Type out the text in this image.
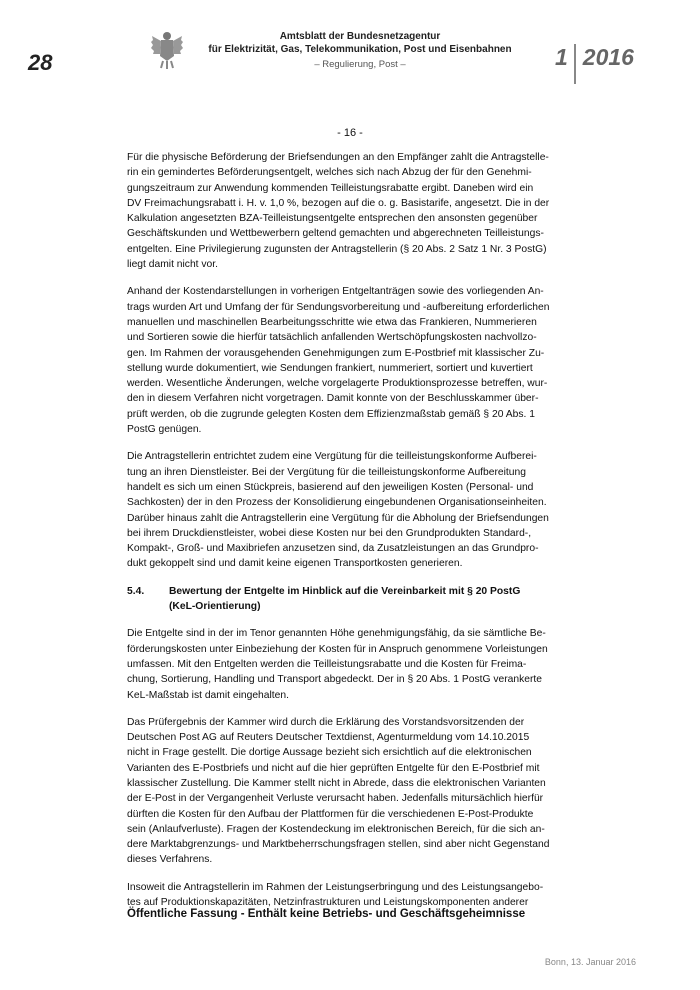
28
Amtsblatt der Bundesnetzagentur
für Elektrizität, Gas, Telekommunikation, Post und Eisenbahnen
– Regulierung, Post –	1 2016
- 16 -

Für die physische Beförderung der Briefsendungen an den Empfänger zahlt die Antragstelle-
rin ein gemindertes Beförderungsentgelt, welches sich nach Abzug der für den Genehmi-
gungszeitraum zur Anwendung kommenden Teilleistungsrabatte ergibt. Daneben wird ein
DV Freimachungsrabatt i. H. v. 1,0 %, bezogen auf die o. g. Basistarife, angesetzt. Die in der
Kalkulation angesetzten BZA-Teilleistungsentgelte entsprechen den ansonsten gegenüber
Geschäftskunden und Wettbewerbern geltend gemachten und abgerechneten Teilleistungs-
entgelten. Eine Privilegierung zugunsten der Antragstellerin (§ 20 Abs. 2 Satz 1 Nr. 3 PostG)
liegt damit nicht vor.

Anhand der Kostendarstellungen in vorherigen Entgeltanträgen sowie des vorliegenden An-
trags wurden Art und Umfang der für Sendungsvorbereitung und -aufbereitung erforderlichen
manuellen und maschinellen Bearbeitungsschritte wie etwa das Frankieren, Nummerieren
und Sortieren sowie die hierfür tatsächlich anfallenden Wertschöpfungskosten nachvollzo-
gen. Im Rahmen der vorausgehenden Genehmigungen zum E-Postbrief mit klassischer Zu-
stellung wurde dokumentiert, wie Sendungen frankiert, nummeriert, sortiert und kuvertiert
werden. Wesentliche Änderungen, welche vorgelagerte Produktionsprozesse betreffen, wur-
den in diesem Verfahren nicht vorgetragen. Damit konnte von der Beschlusskammer über-
prüft werden, ob die zugrunde gelegten Kosten dem Effizienzmaßstab gemäß § 20 Abs. 1
PostG genügen.

Die Antragstellerin entrichtet zudem eine Vergütung für die teilleistungskonforme Aufberei-
tung an ihren Dienstleister. Bei der Vergütung für die teilleistungskonforme Aufbereitung
handelt es sich um einen Stückpreis, basierend auf den jeweiligen Kosten (Personal- und
Sachkosten) der in den Prozess der Konsolidierung eingebundenen Organisationseinheiten.
Darüber hinaus zahlt die Antragstellerin eine Vergütung für die Abholung der Briefsendungen
bei ihrem Druckdienstleister, wobei diese Kosten nur bei den Grundprodukten Standard-,
Kompakt-, Groß- und Maxibriefen anzusetzen sind, da Zusatzleistungen an das Grundpro-
dukt gekoppelt sind und damit keine eigenen Transportkosten generieren.

5.4.	Bewertung der Entgelte im Hinblick auf die Vereinbarkeit mit § 20 PostG
(KeL-Orientierung)

Die Entgelte sind in der im Tenor genannten Höhe genehmigungsfähig, da sie sämtliche Be-
förderungskosten unter Einbeziehung der Kosten für in Anspruch genommene Vorleistungen
umfassen. Mit den Entgelten werden die Teilleistungsrabatte und die Kosten für Freima-
chung, Sortierung, Handling und Transport abgedeckt. Der in § 20 Abs. 1 PostG verankerte
KeL-Maßstab ist damit eingehalten.

Das Prüfergebnis der Kammer wird durch die Erklärung des Vorstandsvorsitzenden der
Deutschen Post AG auf Reuters Deutscher Textdienst, Agenturmeldung vom 14.10.2015
nicht in Frage gestellt. Die dortige Aussage bezieht sich ersichtlich auf die elektronischen
Varianten des E-Postbriefs und nicht auf die hier geprüften Entgelte für den E-Postbrief mit
klassischer Zustellung. Die Kammer stellt nicht in Abrede, dass die elektronischen Varianten
der E-Post in der Vergangenheit Verluste verursacht haben. Jedenfalls mitursächlich hierfür
dürften die Kosten für den Aufbau der Plattformen für die verschiedenen E-Post-Produkte
sein (Anlaufverluste). Fragen der Kostendeckung im elektronischen Bereich, für die sich an-
dere Marktabgrenzungs- und Marktbeherrschungsfragen stellen, sind aber nicht Gegenstand
dieses Verfahrens.

Insoweit die Antragstellerin im Rahmen der Leistungserbringung und des Leistungsangebo-
tes auf Produktionskapazitäten, Netzinfrastrukturen und Leistungskomponenten anderer

Öffentliche Fassung - Enthält keine Betriebs- und Geschäftsgeheimnisse
Bonn, 13. Januar 2016
